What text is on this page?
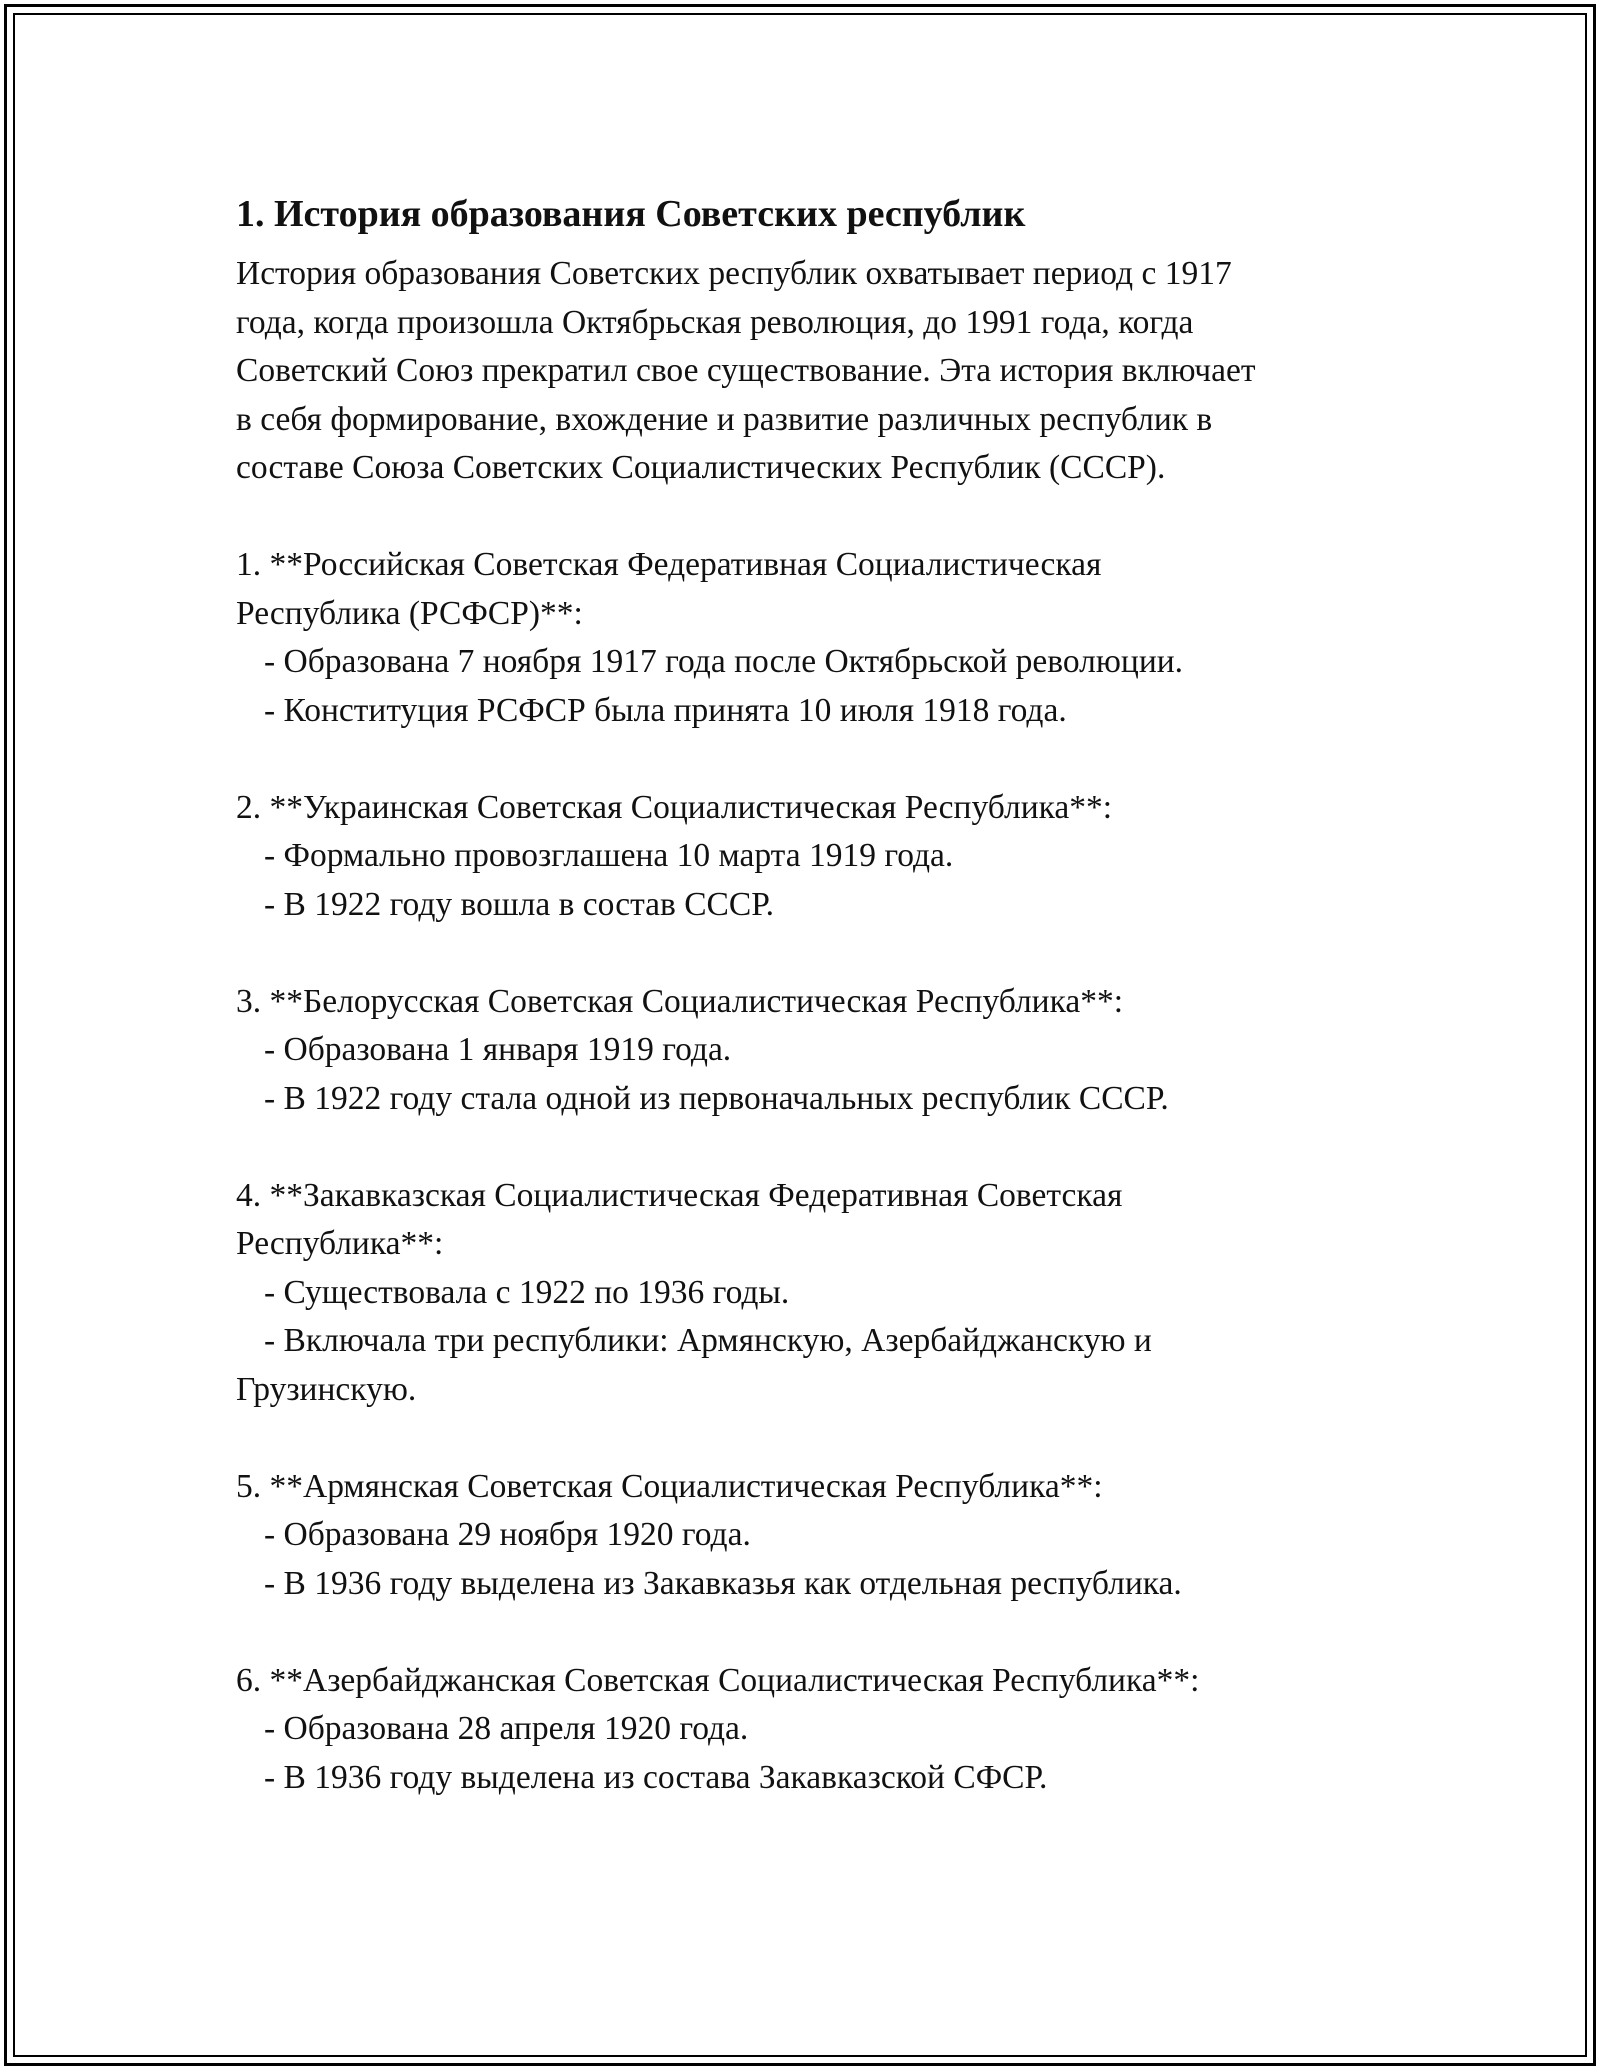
1. История образования Советских республик
История образования Советских республик охватывает период с 1917
года, когда произошла Октябрьская революция, до 1991 года, когда
Советский Союз прекратил свое существование. Эта история включает
в себя формирование, вхождение и развитие различных республик в
составе Союза Советских Социалистических Республик (СССР).
1. **Российская Советская Федеративная Социалистическая
Республика (РСФСР)**:
- Образована 7 ноября 1917 года после Октябрьской революции.
- Конституция РСФСР была принята 10 июля 1918 года.
2. **Украинская Советская Социалистическая Республика**:
- Формально провозглашена 10 марта 1919 года.
- В 1922 году вошла в состав СССР.
3. **Белорусская Советская Социалистическая Республика**:
- Образована 1 января 1919 года.
- В 1922 году стала одной из первоначальных республик СССР.
4. **Закавказская Социалистическая Федеративная Советская
Республика**:
- Существовала с 1922 по 1936 годы.
- Включала три республики: Армянскую, Азербайджанскую и
Грузинскую.
5. **Армянская Советская Социалистическая Республика**:
- Образована 29 ноября 1920 года.
- В 1936 году выделена из Закавказья как отдельная республика.
6. **Азербайджанская Советская Социалистическая Республика**:
- Образована 28 апреля 1920 года.
- В 1936 году выделена из состава Закавказской СФСР.
